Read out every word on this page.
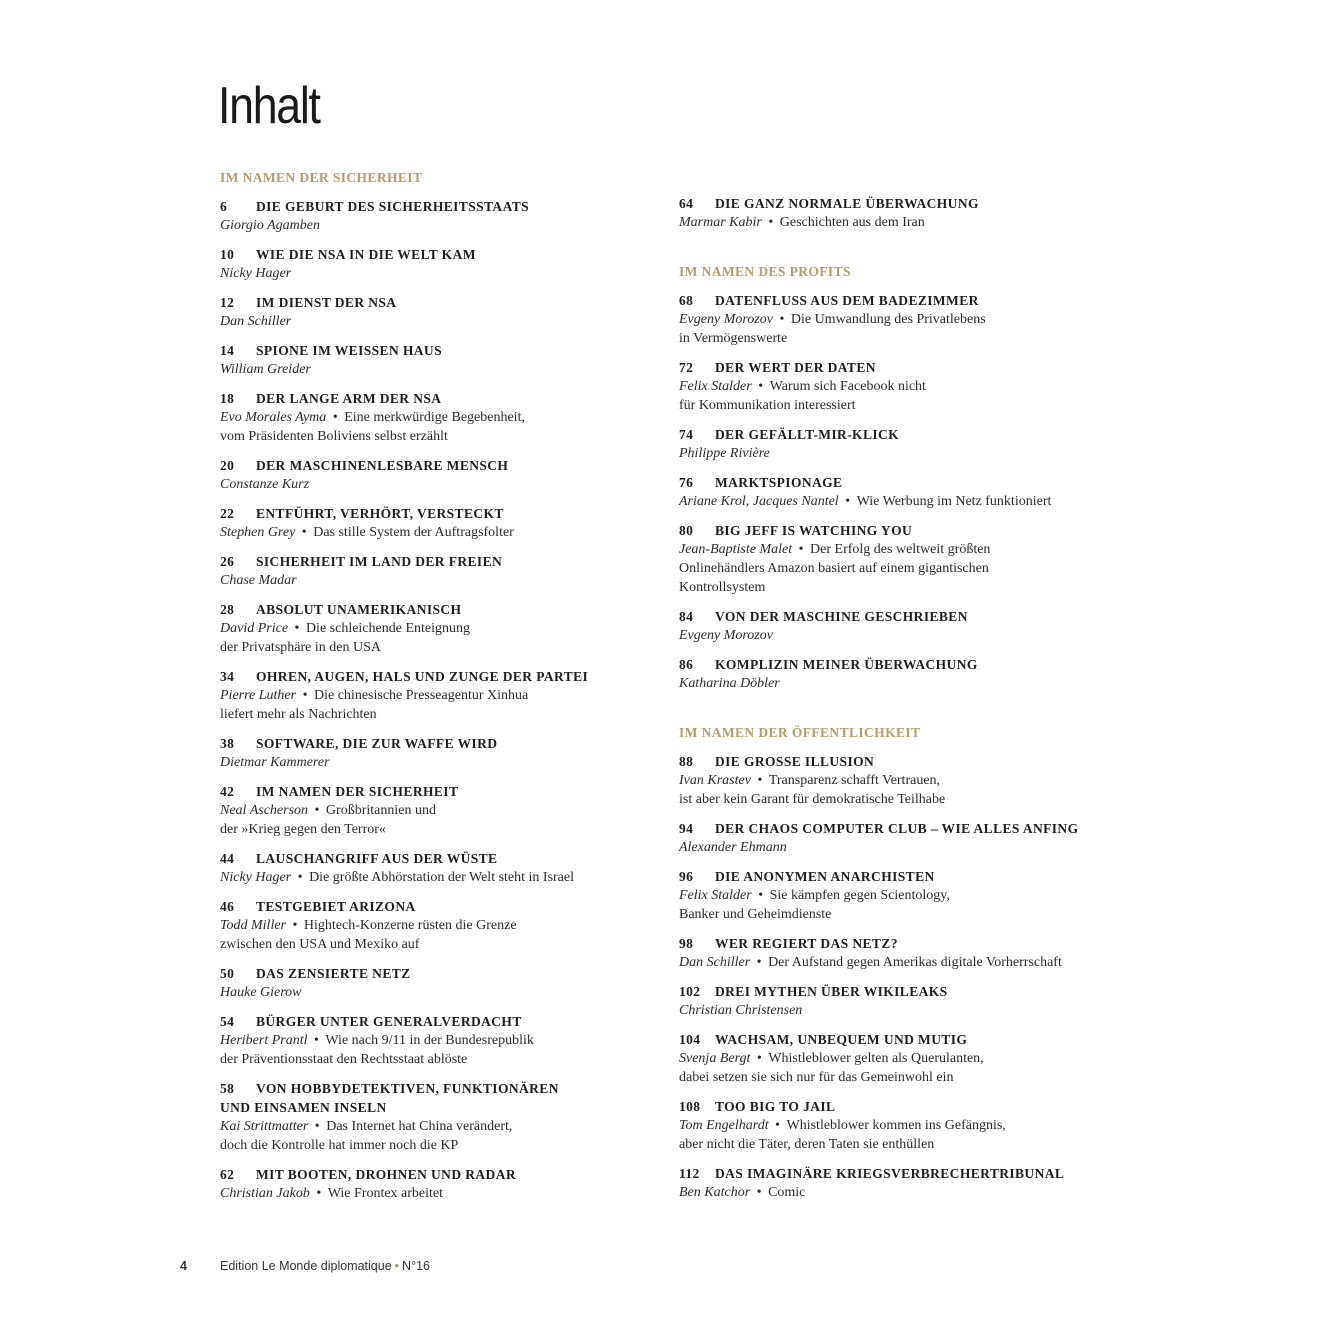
Inhalt
IM NAMEN DER SICHERHEIT
6	DIE GEBURT DES SICHERHEITSSTAATS
Giorgio Agamben
10	WIE DIE NSA IN DIE WELT KAM
Nicky Hager
12	IM DIENST DER NSA
Dan Schiller
14	SPIONE IM WEISSEN HAUS
William Greider
18	DER LANGE ARM DER NSA
Evo Morales Ayma • Eine merkwürdige Begebenheit,
vom Präsidenten Boliviens selbst erzählt
20	DER MASCHINENLESBARE MENSCH
Constanze Kurz
22	ENTFÜHRT, VERHÖRT, VERSTECKT
Stephen Grey • Das stille System der Auftragsfolter
26	SICHERHEIT IM LAND DER FREIEN
Chase Madar
28	ABSOLUT UNAMERIKANISCH
David Price • Die schleichende Enteignung
der Privatsphäre in den USA
34	OHREN, AUGEN, HALS UND ZUNGE DER PARTEI
Pierre Luther • Die chinesische Presseagentur Xinhua
liefert mehr als Nachrichten
38	SOFTWARE, DIE ZUR WAFFE WIRD
Dietmar Kammerer
42	IM NAMEN DER SICHERHEIT
Neal Ascherson • Großbritannien und
der »Krieg gegen den Terror«
44	LAUSCHANGRIFF AUS DER WÜSTE
Nicky Hager • Die größte Abhörstation der Welt steht in Israel
46	TESTGEBIET ARIZONA
Todd Miller • Hightech-Konzerne rüsten die Grenze
zwischen den USA und Mexiko auf
50	DAS ZENSIERTE NETZ
Hauke Gierow
54	BÜRGER UNTER GENERALVERDACHT
Heribert Prantl • Wie nach 9/11 in der Bundesrepublik
der Präventionsstaat den Rechtsstaat ablöste
58	VON HOBBYDETEKTIVEN, FUNKTIONÄREN
UND EINSAMEN INSELN
Kai Strittmatter • Das Internet hat China verändert,
doch die Kontrolle hat immer noch die KP
62	MIT BOOTEN, DROHNEN UND RADAR
Christian Jakob • Wie Frontex arbeitet
64	DIE GANZ NORMALE ÜBERWACHUNG
Marmar Kabir • Geschichten aus dem Iran
IM NAMEN DES PROFITS
68	DATENFLUSS AUS DEM BADEZIMMER
Evgeny Morozov • Die Umwandlung des Privatlebens
in Vermögenswerte
72	DER WERT DER DATEN
Felix Stalder • Warum sich Facebook nicht
für Kommunikation interessiert
74	DER GEFÄLLT-MIR-KLICK
Philippe Rivière
76	MARKTSPIONAGE
Ariane Krol, Jacques Nantel • Wie Werbung im Netz funktioniert
80	BIG JEFF IS WATCHING YOU
Jean-Baptiste Malet • Der Erfolg des weltweit größten
Onlinehändlers Amazon basiert auf einem gigantischen
Kontrollsystem
84	VON DER MASCHINE GESCHRIEBEN
Evgeny Morozov
86	KOMPLIZIN MEINER ÜBERWACHUNG
Katharina Döbler
IM NAMEN DER ÖFFENTLICHKEIT
88	DIE GROSSE ILLUSION
Ivan Krastev • Transparenz schafft Vertrauen,
ist aber kein Garant für demokratische Teilhabe
94	DER CHAOS COMPUTER CLUB – WIE ALLES ANFING
Alexander Ehmann
96	DIE ANONYMEN ANARCHISTEN
Felix Stalder • Sie kämpfen gegen Scientology,
Banker und Geheimdienste
98	WER REGIERT DAS NETZ?
Dan Schiller • Der Aufstand gegen Amerikas digitale Vorherrschaft
102	DREI MYTHEN ÜBER WIKILEAKS
Christian Christensen
104	WACHSAM, UNBEQUEM UND MUTIG
Svenja Bergt • Whistleblower gelten als Querulanten,
dabei setzen sie sich nur für das Gemeinwohl ein
108	TOO BIG TO JAIL
Tom Engelhardt • Whistleblower kommen ins Gefängnis,
aber nicht die Täter, deren Taten sie enthüllen
112	DAS IMAGINÄRE KRIEGSVERBRECHERTRIBUNAL
Ben Katchor • Comic
4	Edition Le Monde diplomatique • N°16
